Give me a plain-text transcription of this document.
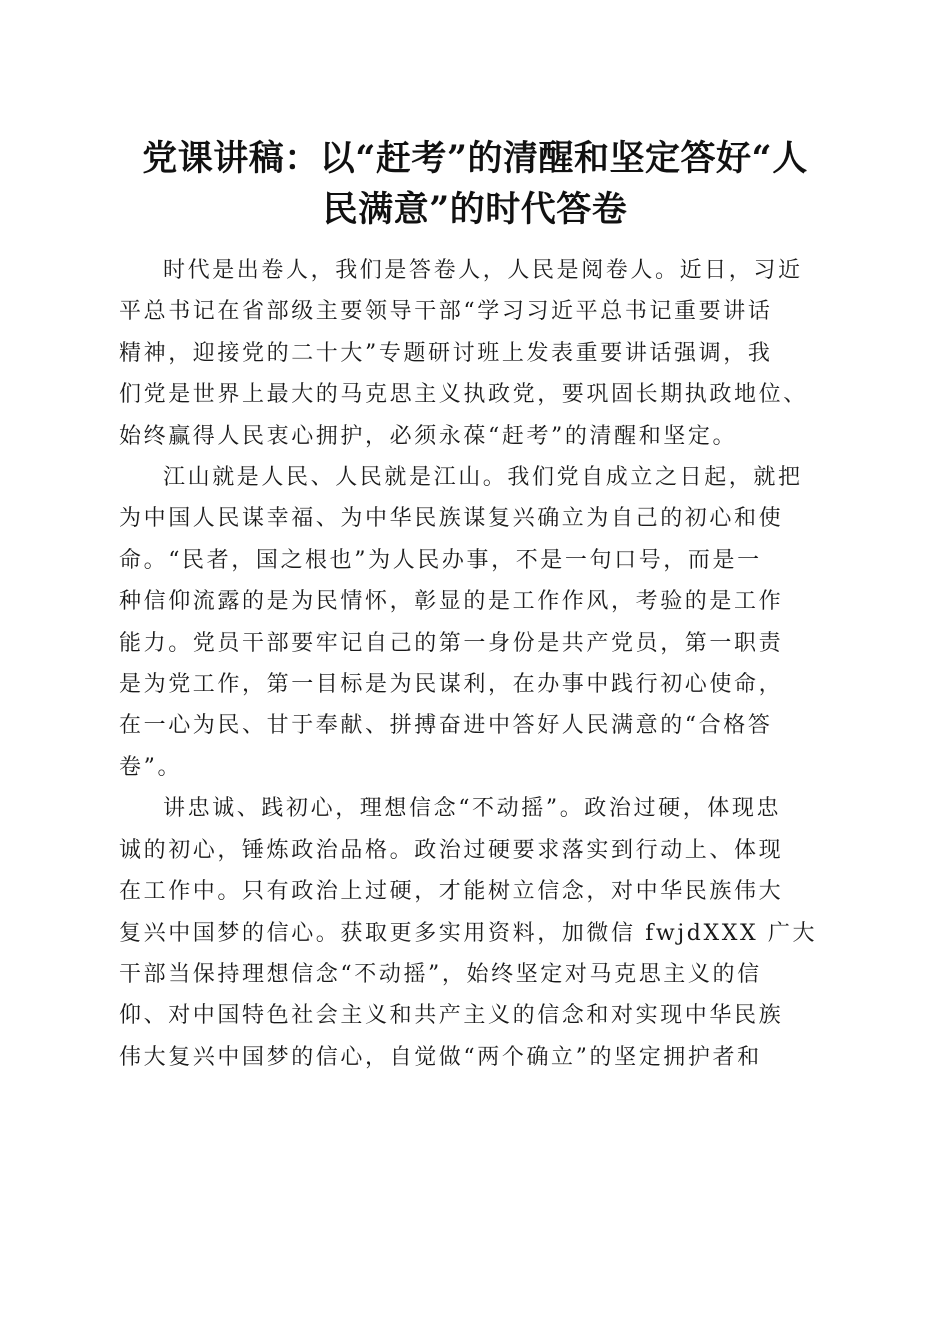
党课讲稿：以“赶考”的清醒和坚定答好“人
民满意”的时代答卷
时代是出卷人，我们是答卷人，人民是阅卷人。近日，习近
平总书记在省部级主要领导干部“学习习近平总书记重要讲话
精神，迎接党的二十大”专题研讨班上发表重要讲话强调，我
们党是世界上最大的马克思主义执政党，要巩固长期执政地位、
始终赢得人民衷心拥护，必须永葆“赶考”的清醒和坚定。
江山就是人民、人民就是江山。我们党自成立之日起，就把
为中国人民谋幸福、为中华民族谋复兴确立为自己的初心和使
命。“民者，国之根也”为人民办事，不是一句口号，而是一
种信仰流露的是为民情怀，彰显的是工作作风，考验的是工作
能力。党员干部要牢记自己的第一身份是共产党员，第一职责
是为党工作，第一目标是为民谋利，在办事中践行初心使命，
在一心为民、甘于奉献、拼搏奋进中答好人民满意的“合格答
卷”。
讲忠诚、践初心，理想信念“不动摇”。政治过硬，体现忠
诚的初心，锤炼政治品格。政治过硬要求落实到行动上、体现
在工作中。只有政治上过硬，才能树立信念，对中华民族伟大
复兴中国梦的信心。获取更多实用资料，加微信 fwjdXXX 广大
干部当保持理想信念“不动摇”，始终坚定对马克思主义的信
仰、对中国特色社会主义和共产主义的信念和对实现中华民族
伟大复兴中国梦的信心，自觉做“两个确立”的坚定拥护者和
